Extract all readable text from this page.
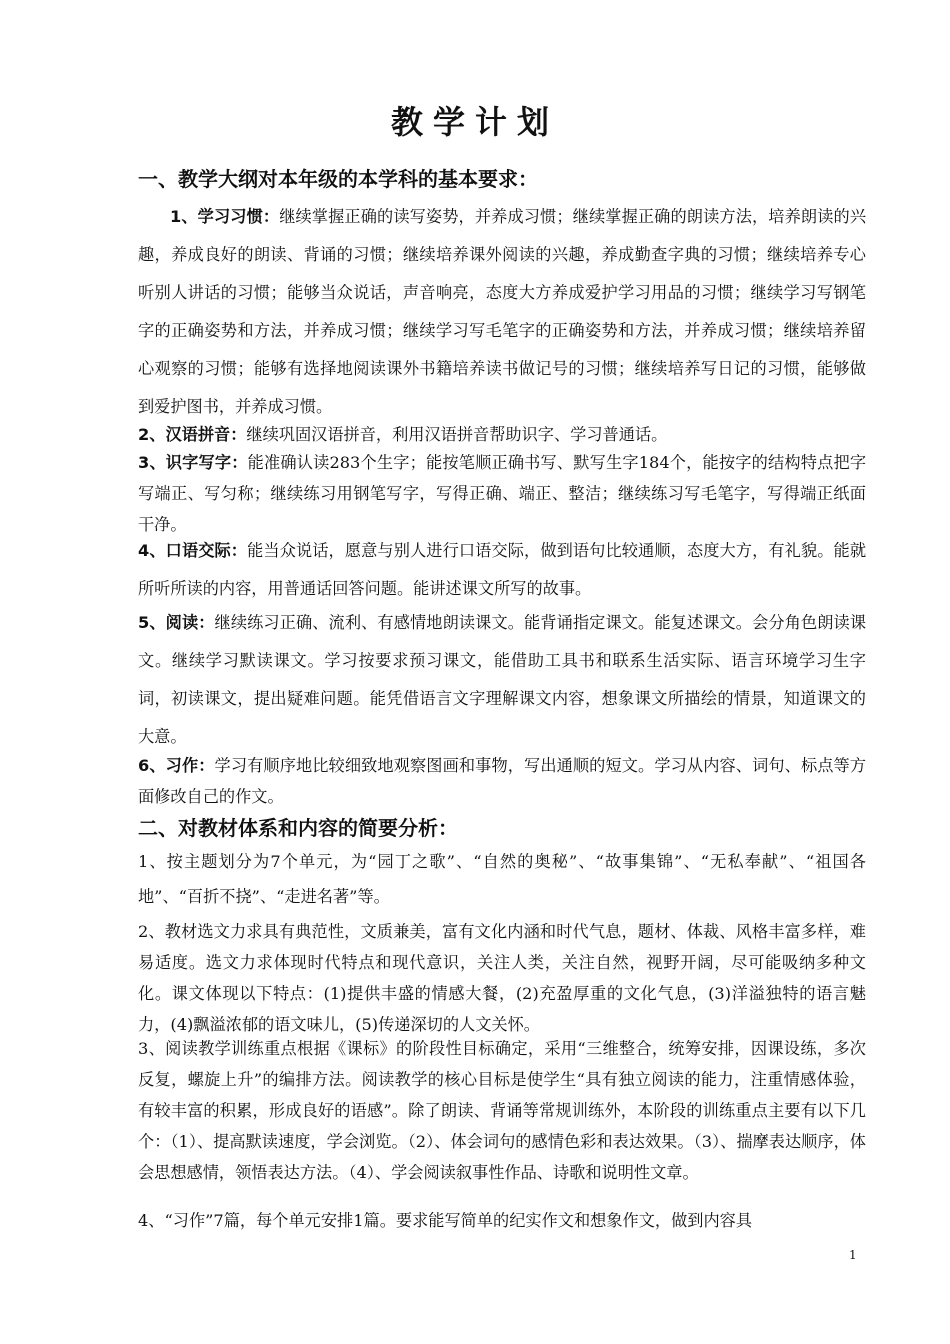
教学计划
一、教学大纲对本年级的本学科的基本要求：

1、学习习惯：继续掌握正确的读写姿势，并养成习惯；继续掌握正确的朗读方法，培养朗读的兴趣，养成良好的朗读、背诵的习惯；继续培养课外阅读的兴趣，养成勤查字典的习惯；继续培养专心听别人讲话的习惯；能够当众说话，声音响亮，态度大方养成爱护学习用品的习惯；继续学习写钢笔字的正确姿势和方法，并养成习惯；继续学习写毛笔字的正确姿势和方法，并养成习惯；继续培养留心观察的习惯；能够有选择地阅读课外书籍培养读书做记号的习惯；继续培养写日记的习惯，能够做到爱护图书，并养成习惯。

2、汉语拼音：继续巩固汉语拼音，利用汉语拼音帮助识字、学习普通话。

3、识字写字：能准确认读283个生字；能按笔顺正确书写、默写生字184个，能按字的结构特点把字写端正、写匀称；继续练习用钢笔写字，写得正确、端正、整洁；继续练习写毛笔字，写得端正纸面干净。

4、口语交际：能当众说话，愿意与别人进行口语交际，做到语句比较通顺，态度大方，有礼貌。能就所听所读的内容，用普通话回答问题。能讲述课文所写的故事。

5、阅读：继续练习正确、流利、有感情地朗读课文。能背诵指定课文。能复述课文。会分角色朗读课文。继续学习默读课文。学习按要求预习课文，能借助工具书和联系生活实际、语言环境学习生字词，初读课文，提出疑难问题。能凭借语言文字理解课文内容，想象课文所描绘的情景，知道课文的大意。

6、习作：学习有顺序地比较细致地观察图画和事物，写出通顺的短文。学习从内容、词句、标点等方面修改自己的作文。

二、对教材体系和内容的简要分析：

1、按主题划分为7个单元，为“园丁之歌”、“自然的奥秘”、“故事集锦”、“无私奉献”、“祖国各地”、“百折不挠”、“走进名著”等。

2、教材选文力求具有典范性，文质兼美，富有文化内涵和时代气息，题材、体裁、风格丰富多样，难易适度。选文力求体现时代特点和现代意识，关注人类，关注自然，视野开阔，尽可能吸纳多种文化。课文体现以下特点：(1)提供丰盛的情感大餐，(2)充盈厚重的文化气息，(3)洋溢独特的语言魅力，(4)飘溢浓郁的语文味儿，(5)传递深切的人文关怀。

3、阅读教学训练重点根据《课标》的阶段性目标确定，采用“三维整合，统筹安排，因课设练，多次反复，螺旋上升”的编排方法。阅读教学的核心目标是使学生“具有独立阅读的能力，注重情感体验，有较丰富的积累，形成良好的语感”。除了朗读、背诵等常规训练外，本阶段的训练重点主要有以下几个：（1）、提高默读速度，学会浏览。（2）、体会词句的感情色彩和表达效果。（3）、揣摩表达顺序，体会思想感情，领悟表达方法。（4）、学会阅读叙事性作品、诗歌和说明性文章。

4、“习作”7篇，每个单元安排1篇。要求能写简单的纪实作文和想象作文，做到内容具

1
